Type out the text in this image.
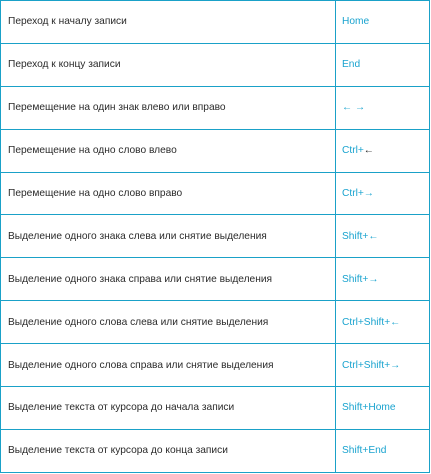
Переход к началу записи	Home
Переход к концу записи	End
Перемещение на один знак влево или вправо	← →
Перемещение на одно слово влево	Ctrl+←
Перемещение на одно слово вправо	Ctrl+→
Выделение одного знака слева или снятие выделения	Shift+←
Выделение одного знака справа или снятие выделения	Shift+→
Выделение одного слова слева или снятие выделения	Ctrl+Shift+←
Выделение одного слова справа или снятие выделения	Ctrl+Shift+→
Выделение текста от курсора до начала записи	Shift+Home
Выделение текста от курсора до конца записи	Shift+End
